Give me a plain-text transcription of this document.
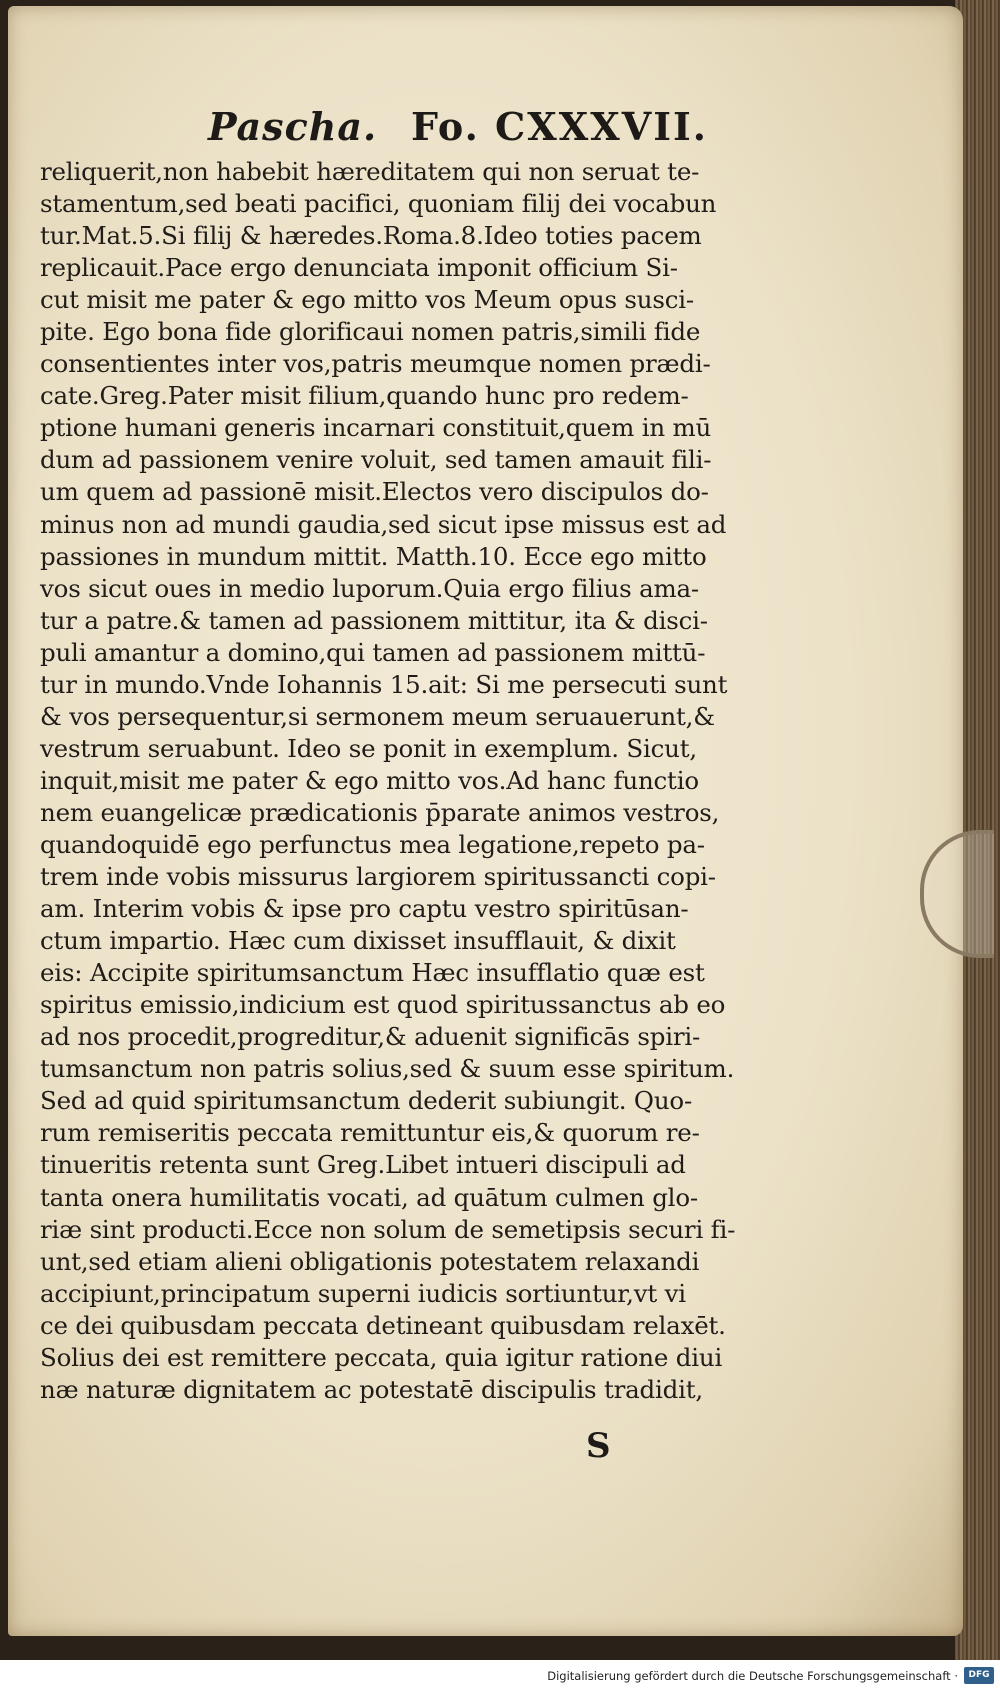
Pascha. Fo. CXXXVII.
reliquerit,non habebit hæreditatem qui non seruat te-
stamentum,sed beati pacifici, quoniam filij dei vocabun
tur.Mat.5.Si filij & hæredes.Roma.8.Ideo toties pacem
replicauit.Pace ergo denunciata imponit officium Si-
cut misit me pater & ego mitto vos Meum opus susci-
pite. Ego bona fide glorificaui nomen patris,simili fide
consentientes inter vos,patris meumque nomen prædi-
cate.Greg.Pater misit filium,quando hunc pro redem-
ptione humani generis incarnari constituit,quem in mū
dum ad passionem venire voluit, sed tamen amauit fili-
um quem ad passionē misit.Electos vero discipulos do-
minus non ad mundi gaudia,sed sicut ipse missus est ad
passiones in mundum mittit. Matth.10. Ecce ego mitto
vos sicut oues in medio luporum.Quia ergo filius ama-
tur a patre.& tamen ad passionem mittitur, ita & disci-
puli amantur a domino,qui tamen ad passionem mittū-
tur in mundo.Vnde Iohannis 15.ait: Si me persecuti sunt
& vos persequentur,si sermonem meum seruauerunt,&
vestrum seruabunt. Ideo se ponit in exemplum. Sicut,
inquit,misit me pater & ego mitto vos.Ad hanc functio
nem euangelicæ prædicationis p̄parate animos vestros,
quandoquidē ego perfunctus mea legatione,repeto pa-
trem inde vobis missurus largiorem spiritussancti copi-
am. Interim vobis & ipse pro captu vestro spiritūsan-
ctum impartio. Hæc cum dixisset insufflauit, & dixit
eis: Accipite spiritumsanctum Hæc insufflatio quæ est
spiritus emissio,indicium est quod spiritussanctus ab eo
ad nos procedit,progreditur,& aduenit significās spiri-
tumsanctum non patris solius,sed & suum esse spiritum.
Sed ad quid spiritumsanctum dederit subiungit. Quo-
rum remiseritis peccata remittuntur eis,& quorum re-
tinueritis retenta sunt Greg.Libet intueri discipuli ad
tanta onera humilitatis vocati, ad quātum culmen glo-
riæ sint producti.Ecce non solum de semetipsis securi fi-
unt,sed etiam alieni obligationis potestatem relaxandi
accipiunt,principatum superni iudicis sortiuntur,vt vi
ce dei quibusdam peccata detineant quibusdam relaxēt.
Solius dei est remittere peccata, quia igitur ratione diui
næ naturæ dignitatem ac potestatē discipulis tradidit,
S
Digitalisierung gefördert durch die Deutsche Forschungsgemeinschaft ·	DFG
